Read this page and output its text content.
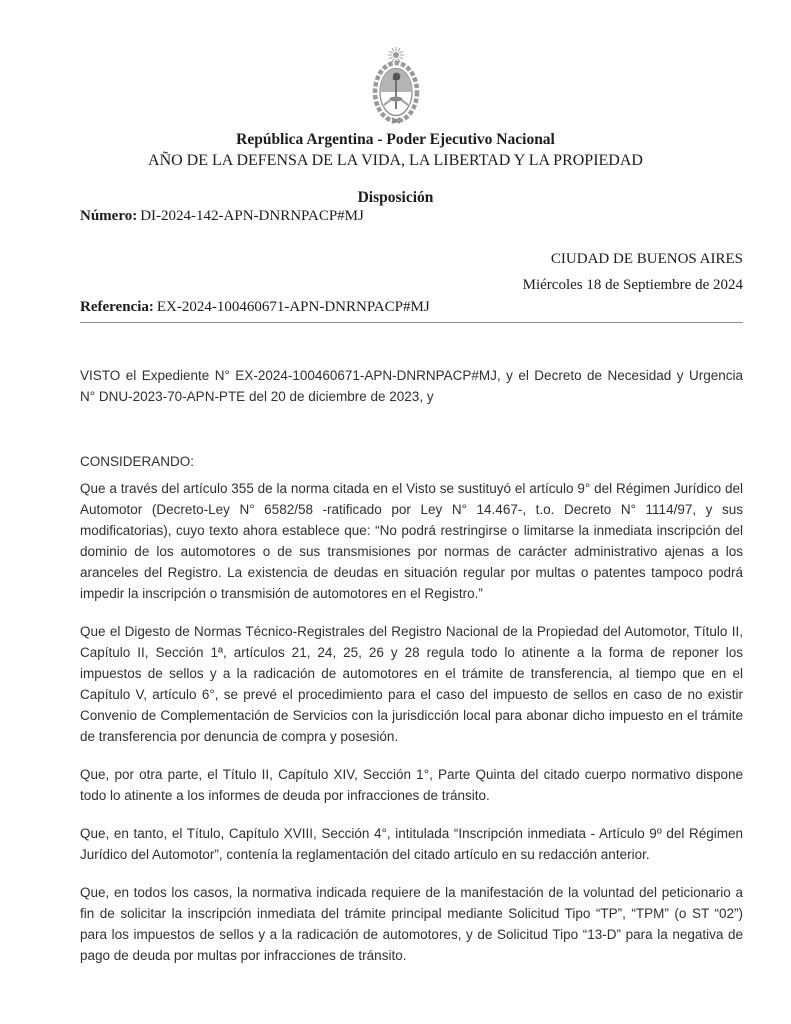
República Argentina - Poder Ejecutivo Nacional
AÑO DE LA DEFENSA DE LA VIDA, LA LIBERTAD Y LA PROPIEDAD
Disposición

Número: DI-2024-142-APN-DNRNPACP#MJ

CIUDAD DE BUENOS AIRES
Miércoles 18 de Septiembre de 2024

Referencia: EX-2024-100460671-APN-DNRNPACP#MJ

VISTO el Expediente N° EX-2024-100460671-APN-DNRNPACP#MJ, y el Decreto de Necesidad y Urgencia N° DNU-2023-70-APN-PTE del 20 de diciembre de 2023, y

CONSIDERANDO:

Que a través del artículo 355 de la norma citada en el Visto se sustituyó el artículo 9° del Régimen Jurídico del Automotor (Decreto-Ley N° 6582/58 -ratificado por Ley N° 14.467-, t.o. Decreto N° 1114/97, y sus modificatorias), cuyo texto ahora establece que: “No podrá restringirse o limitarse la inmediata inscripción del dominio de los automotores o de sus transmisiones por normas de carácter administrativo ajenas a los aranceles del Registro. La existencia de deudas en situación regular por multas o patentes tampoco podrá impedir la inscripción o transmisión de automotores en el Registro.”

Que el Digesto de Normas Técnico-Registrales del Registro Nacional de la Propiedad del Automotor, Título II, Capítulo II, Sección 1ª, artículos 21, 24, 25, 26 y 28 regula todo lo atinente a la forma de reponer los impuestos de sellos y a la radicación de automotores en el trámite de transferencia, al tiempo que en el Capítulo V, artículo 6°, se prevé el procedimiento para el caso del impuesto de sellos en caso de no existir Convenio de Complementación de Servicios con la jurisdicción local para abonar dicho impuesto en el trámite de transferencia por denuncia de compra y posesión.

Que, por otra parte, el Título II, Capítulo XIV, Sección 1°, Parte Quinta del citado cuerpo normativo dispone todo lo atinente a los informes de deuda por infracciones de tránsito.

Que, en tanto, el Título, Capítulo XVIII, Sección 4°, intitulada “Inscripción inmediata - Artículo 9º del Régimen Jurídico del Automotor”, contenía la reglamentación del citado artículo en su redacción anterior.

Que, en todos los casos, la normativa indicada requiere de la manifestación de la voluntad del peticionario a fin de solicitar la inscripción inmediata del trámite principal mediante Solicitud Tipo “TP”, “TPM” (o ST “02”) para los impuestos de sellos y a la radicación de automotores, y de Solicitud Tipo “13-D” para la negativa de pago de deuda por multas por infracciones de tránsito.
